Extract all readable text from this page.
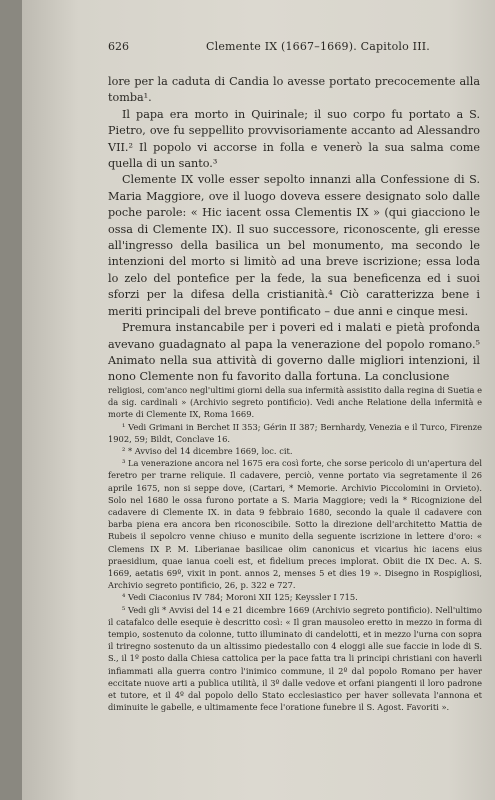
626	Clemente IX (1667–1669). Capitolo III.

lore per la caduta di Candia lo avesse portato precocemente alla tomba¹.

Il papa era morto in Quirinale; il suo corpo fu portato a S. Pietro, ove fu seppellito provvisoriamente accanto ad Alessandro VII.² Il popolo vi accorse in folla e venerò la sua salma come quella di un santo.³

Clemente IX volle esser sepolto innanzi alla Confessione di S. Maria Maggiore, ove il luogo doveva essere designato solo dalle poche parole: « Hic iacent ossa Clementis IX » (qui giacciono le ossa di Clemente IX). Il suo successore, riconoscente, gli eresse all'ingresso della basilica un bel monumento, ma secondo le intenzioni del morto si limitò ad una breve iscrizione; essa loda lo zelo del pontefice per la fede, la sua beneficenza ed i suoi sforzi per la difesa della cristianità.⁴ Ciò caratterizza bene i meriti principali del breve pontificato – due anni e cinque mesi.

Premura instancabile per i poveri ed i malati e pietà profonda avevano guadagnato al papa la venerazione del popolo romano.⁵ Animato nella sua attività di governo dalle migliori intenzioni, il nono Clemente non fu favorito dalla fortuna. La conclusione

religiosi, com'anco negl'ultimi giorni della sua infermità assistito dalla regina di Suetia e da sig. cardinali » (Archivio segreto pontificio). Vedi anche Relatione della infermità e morte di Clemente IX, Roma 1669.

¹ Vedi Grimani in Berchet II 353; Gérin II 387; Bernhardy, Venezia e il Turco, Firenze 1902, 59; Bildt, Conclave 16.

² * Avviso del 14 dicembre 1669, loc. cit.

³ La venerazione ancora nel 1675 era così forte, che sorse pericolo di un'apertura del feretro per trarne reliquie. Il cadavere, perciò, venne portato via segretamente il 26 aprile 1675, non si seppe dove, (Cartari, * Memorie. Archivio Piccolomini in Orvieto). Solo nel 1680 le ossa furono portate a S. Maria Maggiore; vedi la * Ricognizione del cadavere di Clemente IX. in data 9 febbraio 1680, secondo la quale il cadavere con barba piena era ancora ben riconoscibile. Sotto la direzione dell'architetto Mattia de Rubeis il sepolcro venne chiuso e munito della seguente iscrizione in lettere d'oro: « Clemens IX P. M. Liberianae basilicae olim canonicus et vicarius hic iacens eius praesidium, quae ianua coeli est, et fidelium preces implorat. Obiit die IX Dec. A. S. 1669, aetatis 69º, vixit in pont. annos 2, menses 5 et dies 19 ». Disegno in Rospigliosi, Archivio segreto pontificio, 26, p. 322 e 727.

⁴ Vedi Ciaconius IV 784; Moroni XII 125; Keyssler I 715.

⁵ Vedi gli * Avvisi del 14 e 21 dicembre 1669 (Archivio segreto pontificio). Nell'ultimo il catafalco delle esequie è descritto così: « Il gran mausoleo eretto in mezzo in forma di tempio, sostenuto da colonne, tutto illuminato di candelotti, et in mezzo l'urna con sopra il triregno sostenuto da un altissimo piedestallo con 4 eloggi alle sue faccie in lode di S. S., il 1º posto dalla Chiesa cattolica per la pace fatta tra li principi christiani con haverli infiammati alla guerra contro l'inimico commune, il 2º dal popolo Romano per haver eccitate nuove arti a publica utilità, il 3º dalle vedove et orfani piangenti il loro padrone et tutore, et il 4º dal popolo dello Stato ecclesiastico per haver sollevata l'annona et diminuite le gabelle, e ultimamente fece l'oratione funebre il S. Agost. Favoriti ».
